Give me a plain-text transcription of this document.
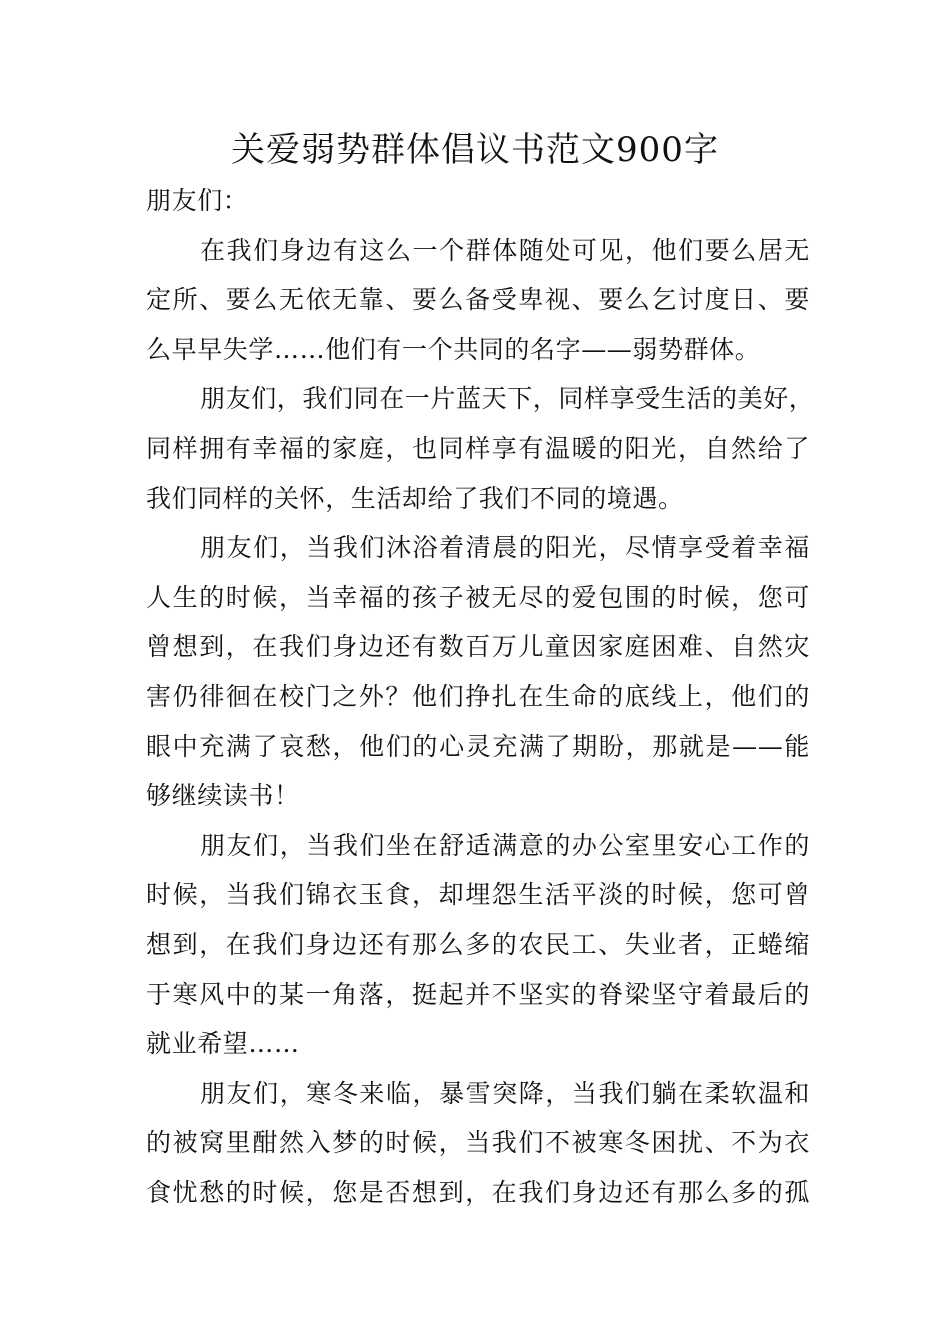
关爱弱势群体倡议书范文900字
朋友们：
在我们身边有这么一个群体随处可见，他们要么居无
定所、要么无依无靠、要么备受卑视、要么乞讨度日、要
么早早失学……他们有一个共同的名字——弱势群体。
朋友们，我们同在一片蓝天下，同样享受生活的美好，
同样拥有幸福的家庭，也同样享有温暖的阳光，自然给了
我们同样的关怀，生活却给了我们不同的境遇。
朋友们，当我们沐浴着清晨的阳光，尽情享受着幸福
人生的时候，当幸福的孩子被无尽的爱包围的时候，您可
曾想到，在我们身边还有数百万儿童因家庭困难、自然灾
害仍徘徊在校门之外？他们挣扎在生命的底线上，他们的
眼中充满了哀愁，他们的心灵充满了期盼，那就是——能
够继续读书！
朋友们，当我们坐在舒适满意的办公室里安心工作的
时候，当我们锦衣玉食，却埋怨生活平淡的时候，您可曾
想到，在我们身边还有那么多的农民工、失业者，正蜷缩
于寒风中的某一角落，挺起并不坚实的脊梁坚守着最后的
就业希望……
朋友们，寒冬来临，暴雪突降，当我们躺在柔软温和
的被窝里酣然入梦的时候，当我们不被寒冬困扰、不为衣
食忧愁的时候，您是否想到，在我们身边还有那么多的孤
